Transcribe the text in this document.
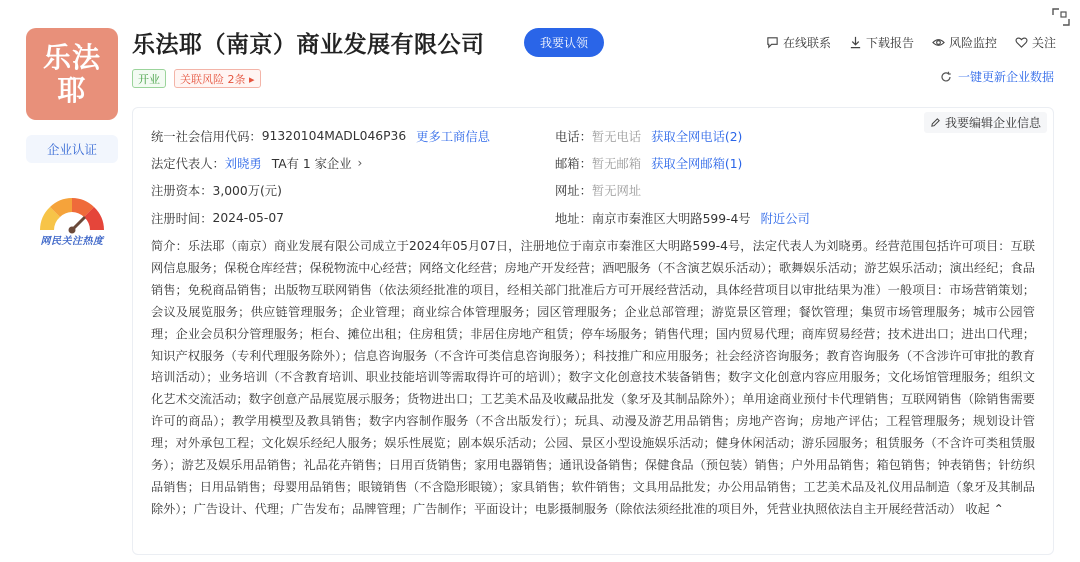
乐法
耶
企业认证
网民关注热度
乐法耶（南京）商业发展有限公司	我要认领
开业	关联风险 2条 ▸
在线联系	下载报告	风险监控	关注
一键更新企业数据
我要编辑企业信息
统一社会信用代码： 91320104MADL046P36 更多工商信息
法定代表人： 刘晓勇 TA有 1 家企业 ›
注册资本： 3,000万(元)
注册时间： 2024-05-07
电话： 暂无电话 获取全网电话(2)
邮箱： 暂无邮箱 获取全网邮箱(1)
网址： 暂无网址
地址： 南京市秦淮区大明路599-4号 附近公司
简介：乐法耶（南京）商业发展有限公司成立于2024年05月07日，注册地位于南京市秦淮区大明路599-4号，法定代表人为刘晓勇。经营范围包括许可项目：互联网信息服务；保税仓库经营；保税物流中心经营；网络文化经营；房地产开发经营；酒吧服务（不含演艺娱乐活动）；歌舞娱乐活动；游艺娱乐活动；演出经纪；食品销售；免税商品销售；出版物互联网销售（依法须经批准的项目，经相关部门批准后方可开展经营活动，具体经营项目以审批结果为准）一般项目：市场营销策划；会议及展览服务；供应链管理服务；企业管理；商业综合体管理服务；园区管理服务；企业总部管理；游览景区管理；餐饮管理；集贸市场管理服务；城市公园管理；企业会员积分管理服务；柜台、摊位出租；住房租赁；非居住房地产租赁；停车场服务；销售代理；国内贸易代理；商库贸易经营；技术进出口；进出口代理；知识产权服务（专利代理服务除外）；信息咨询服务（不含许可类信息咨询服务）；科技推广和应用服务；社会经济咨询服务；教育咨询服务（不含涉许可审批的教育培训活动）；业务培训（不含教育培训、职业技能培训等需取得许可的培训）；数字文化创意技术装备销售；数字文化创意内容应用服务；文化场馆管理服务；组织文化艺术交流活动；数字创意产品展览展示服务；货物进出口；工艺美术品及收藏品批发（象牙及其制品除外）；单用途商业预付卡代理销售；互联网销售（除销售需要许可的商品）；教学用模型及教具销售；数字内容制作服务（不含出版发行）；玩具、动漫及游艺用品销售；房地产咨询；房地产评估；工程管理服务；规划设计管理；对外承包工程；文化娱乐经纪人服务；娱乐性展览；剧本娱乐活动；公园、景区小型设施娱乐活动；健身休闲活动；游乐园服务；租赁服务（不含许可类租赁服务）；游艺及娱乐用品销售；礼品花卉销售；日用百货销售；家用电器销售；通讯设备销售；保健食品（预包装）销售；户外用品销售；箱包销售；钟表销售；针纺织品销售；日用品销售；母婴用品销售；眼镜销售（不含隐形眼镜）；家具销售；软件销售；文具用品批发；办公用品销售；工艺美术品及礼仪用品制造（象牙及其制品除外）；广告设计、代理；广告发布；品牌管理；广告制作；平面设计；电影摄制服务（除依法须经批准的项目外，凭营业执照依法自主开展经营活动） 收起 ⌃
